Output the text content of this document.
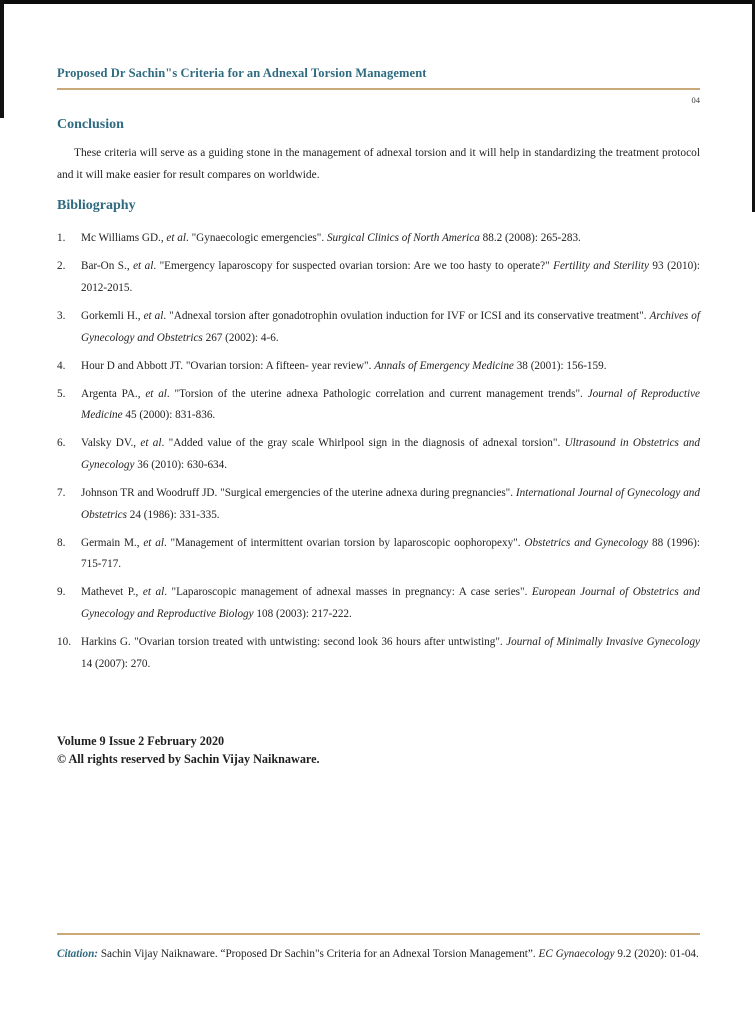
Proposed Dr Sachin"s Criteria for an Adnexal Torsion Management

04
Conclusion

These criteria will serve as a guiding stone in the management of adnexal torsion and it will help in standardizing the treatment protocol and it will make easier for result compares on worldwide.

Bibliography
1.	Mc Williams GD., et al. "Gynaecologic emergencies". Surgical Clinics of North America 88.2 (2008): 265-283.
2.	Bar-On S., et al. "Emergency laparoscopy for suspected ovarian torsion: Are we too hasty to operate?" Fertility and Sterility 93 (2010): 2012-2015.
3.	Gorkemli H., et al. "Adnexal torsion after gonadotrophin ovulation induction for IVF or ICSI and its conservative treatment". Archives of Gynecology and Obstetrics 267 (2002): 4-6.
4.	Hour D and Abbott JT. "Ovarian torsion: A fifteen- year review". Annals of Emergency Medicine 38 (2001): 156-159.
5.	Argenta PA., et al. "Torsion of the uterine adnexa Pathologic correlation and current management trends". Journal of Reproductive Medicine 45 (2000): 831-836.
6.	Valsky DV., et al. "Added value of the gray scale Whirlpool sign in the diagnosis of adnexal torsion". Ultrasound in Obstetrics and Gynecology 36 (2010): 630-634.
7.	Johnson TR and Woodruff JD. "Surgical emergencies of the uterine adnexa during pregnancies". International Journal of Gynecology and Obstetrics 24 (1986): 331-335.
8.	Germain M., et al. "Management of intermittent ovarian torsion by laparoscopic oophoropexy". Obstetrics and Gynecology 88 (1996): 715-717.
9.	Mathevet P., et al. "Laparoscopic management of adnexal masses in pregnancy: A case series". European Journal of Obstetrics and Gynecology and Reproductive Biology 108 (2003): 217-222.
10. Harkins G. "Ovarian torsion treated with untwisting: second look 36 hours after untwisting". Journal of Minimally Invasive Gynecology 14 (2007): 270.

Volume 9 Issue 2 February 2020

© All rights reserved by Sachin Vijay Naiknaware.

Citation: Sachin Vijay Naiknaware. “Proposed Dr Sachin"s Criteria for an Adnexal Torsion Management”. EC Gynaecology 9.2 (2020): 01-04.
